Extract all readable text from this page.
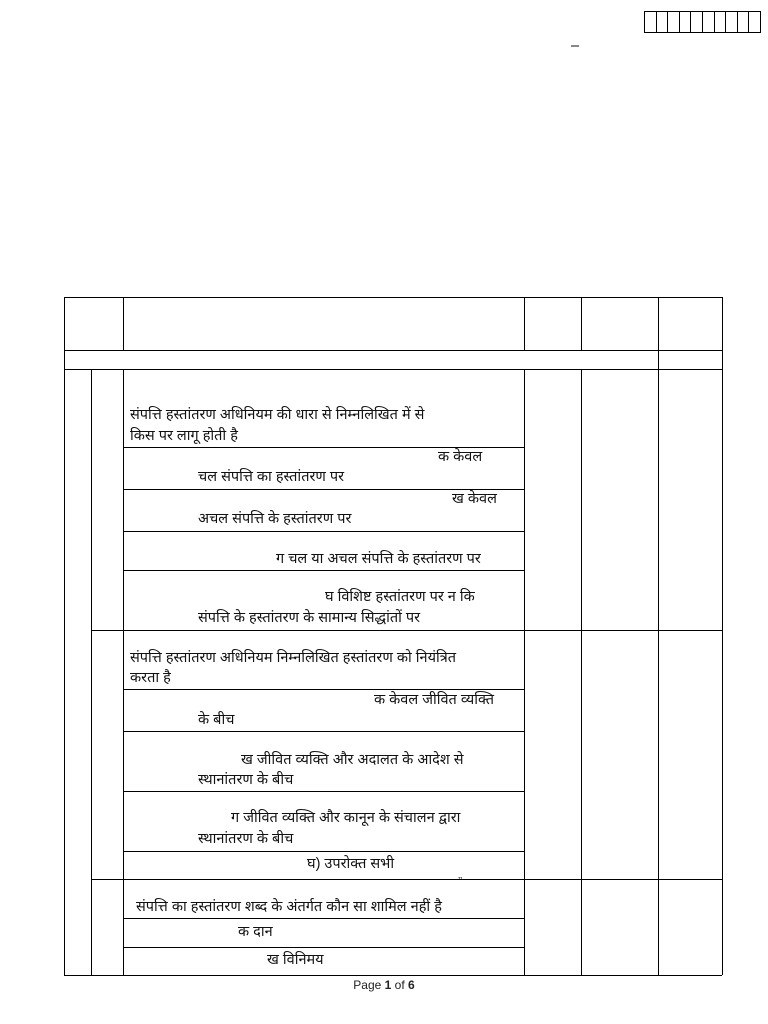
–
संपत्ति हस्तांतरण अधिनियम की धारा से निम्नलिखित में से
किस पर लागू होती है
क केवल
चल संपत्ति का हस्तांतरण पर
ख केवल
अचल संपत्ति के हस्तांतरण पर
ग चल या अचल संपत्ति के हस्तांतरण पर
घ विशिष्ट हस्तांतरण पर न कि
संपत्ति के हस्तांतरण के सामान्य सिद्धांतों पर
संपत्ति हस्तांतरण अधिनियम निम्नलिखित हस्तांतरण को नियंत्रित
करता है
क केवल जीवित व्यक्ति
के बीच
ख जीवित व्यक्ति और अदालत के आदेश से
स्थानांतरण के बीच
ग जीवित व्यक्ति और कानून के संचालन द्वारा
स्थानांतरण के बीच
घ) उपरोक्त सभी
’’
संपत्ति का हस्तांतरण शब्द के अंतर्गत कौन सा शामिल नहीं है
क दान
ख विनिमय
Page 1 of 6
